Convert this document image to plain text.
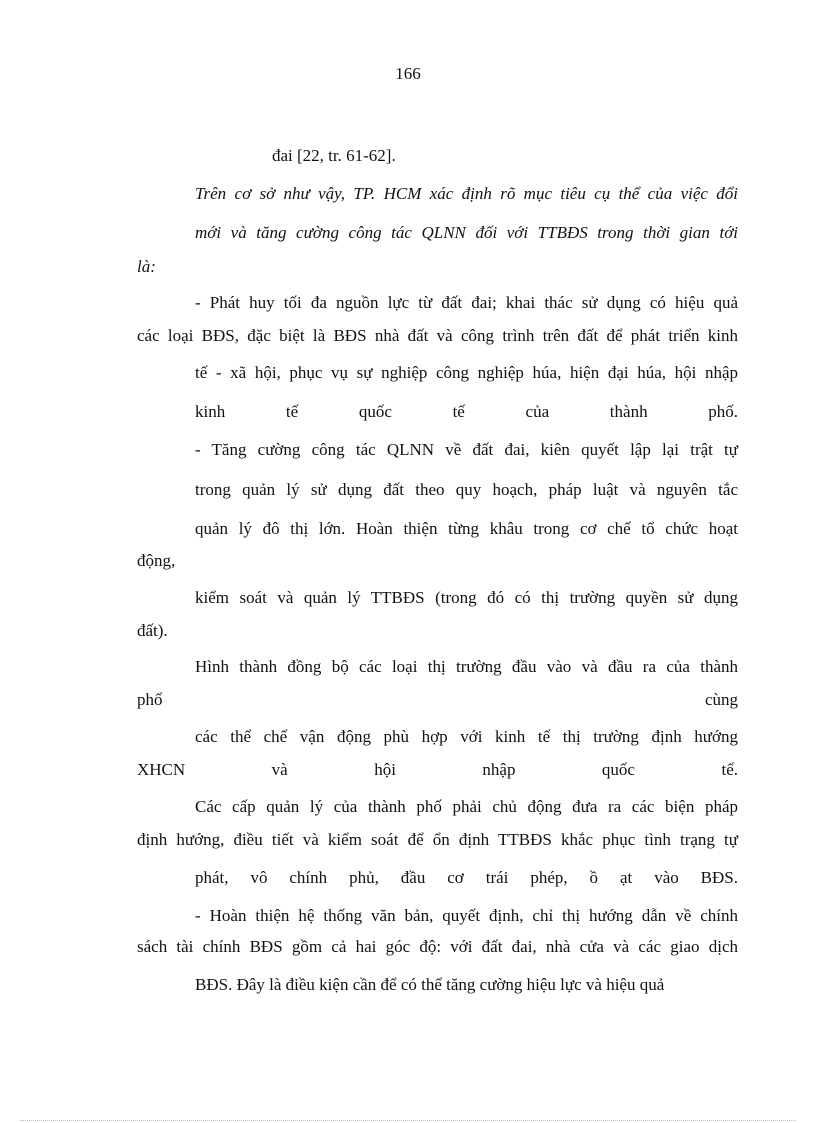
166
đai [22, tr. 61-62].
Trên cơ sở như vậy, TP. HCM xác định rõ mục tiêu cụ thể của việc đổi
mới và tăng cường công tác QLNN đối với TTBĐS trong thời gian tới
là:
- Phát huy tối đa nguồn lực từ đất đai; khai thác sử dụng có hiệu quả
các loại BĐS, đặc biệt là BĐS nhà đất và công trình trên đất để phát triển kinh
tế - xã hội, phục vụ sự nghiệp công nghiệp húa, hiện đại húa, hội nhập
kinh tế quốc tế của thành phố.
- Tăng cường công tác QLNN về đất đai, kiên quyết lập lại trật tự
trong quản lý sử dụng đất theo quy hoạch, pháp luật và nguyên tắc
quản lý đô thị lớn. Hoàn thiện từng khâu trong cơ chế tổ chức hoạt
động,
kiểm soát và quản lý TTBĐS (trong đó có thị trường quyền sử dụng
đất).
Hình thành đồng bộ các loại thị trường đầu vào và đầu ra của thành
phố cùng
các thể chế vận động phù hợp với kinh tế thị trường định hướng
XHCN và hội nhập quốc tế.
Các cấp quản lý của thành phố phải chủ động đưa ra các biện pháp
định hướng, điều tiết và kiểm soát để ổn định TTBĐS khắc phục tình trạng tự
phát, vô chính phủ, đầu cơ trái phép, ồ ạt vào BĐS.
- Hoàn thiện hệ thống văn bản, quyết định, chỉ thị hướng dẫn về chính
sách tài chính BĐS gồm cả hai góc độ: với đất đai, nhà cửa và các giao dịch
BĐS. Đây là điều kiện cần để có thể tăng cường hiệu lực và hiệu quả
